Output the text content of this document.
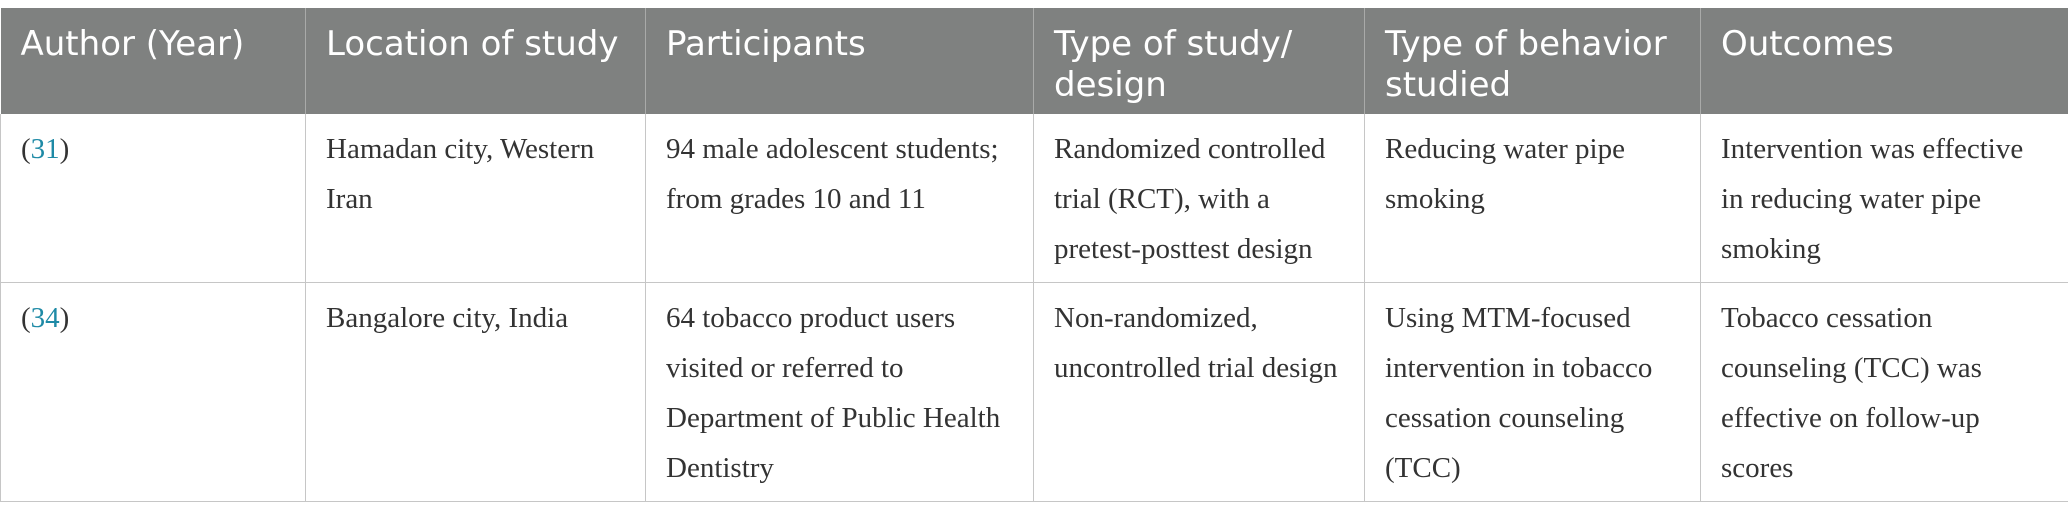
Author (Year)	Location of study	Participants	Type of study/ design	Type of behavior studied	Outcomes
(31)	Hamadan city, Western Iran	94 male adolescent students; from grades 10 and 11	Randomized controlled trial (RCT), with a pretest-posttest design	Reducing water pipe smoking	Intervention was effective in reducing water pipe smoking
(34)	Bangalore city, India	64 tobacco product users visited or referred to Department of Public Health Dentistry	Non-randomized, uncontrolled trial design	Using MTM-focused intervention in tobacco cessation counseling (TCC)	Tobacco cessation counseling (TCC) was effective on follow-up scores
